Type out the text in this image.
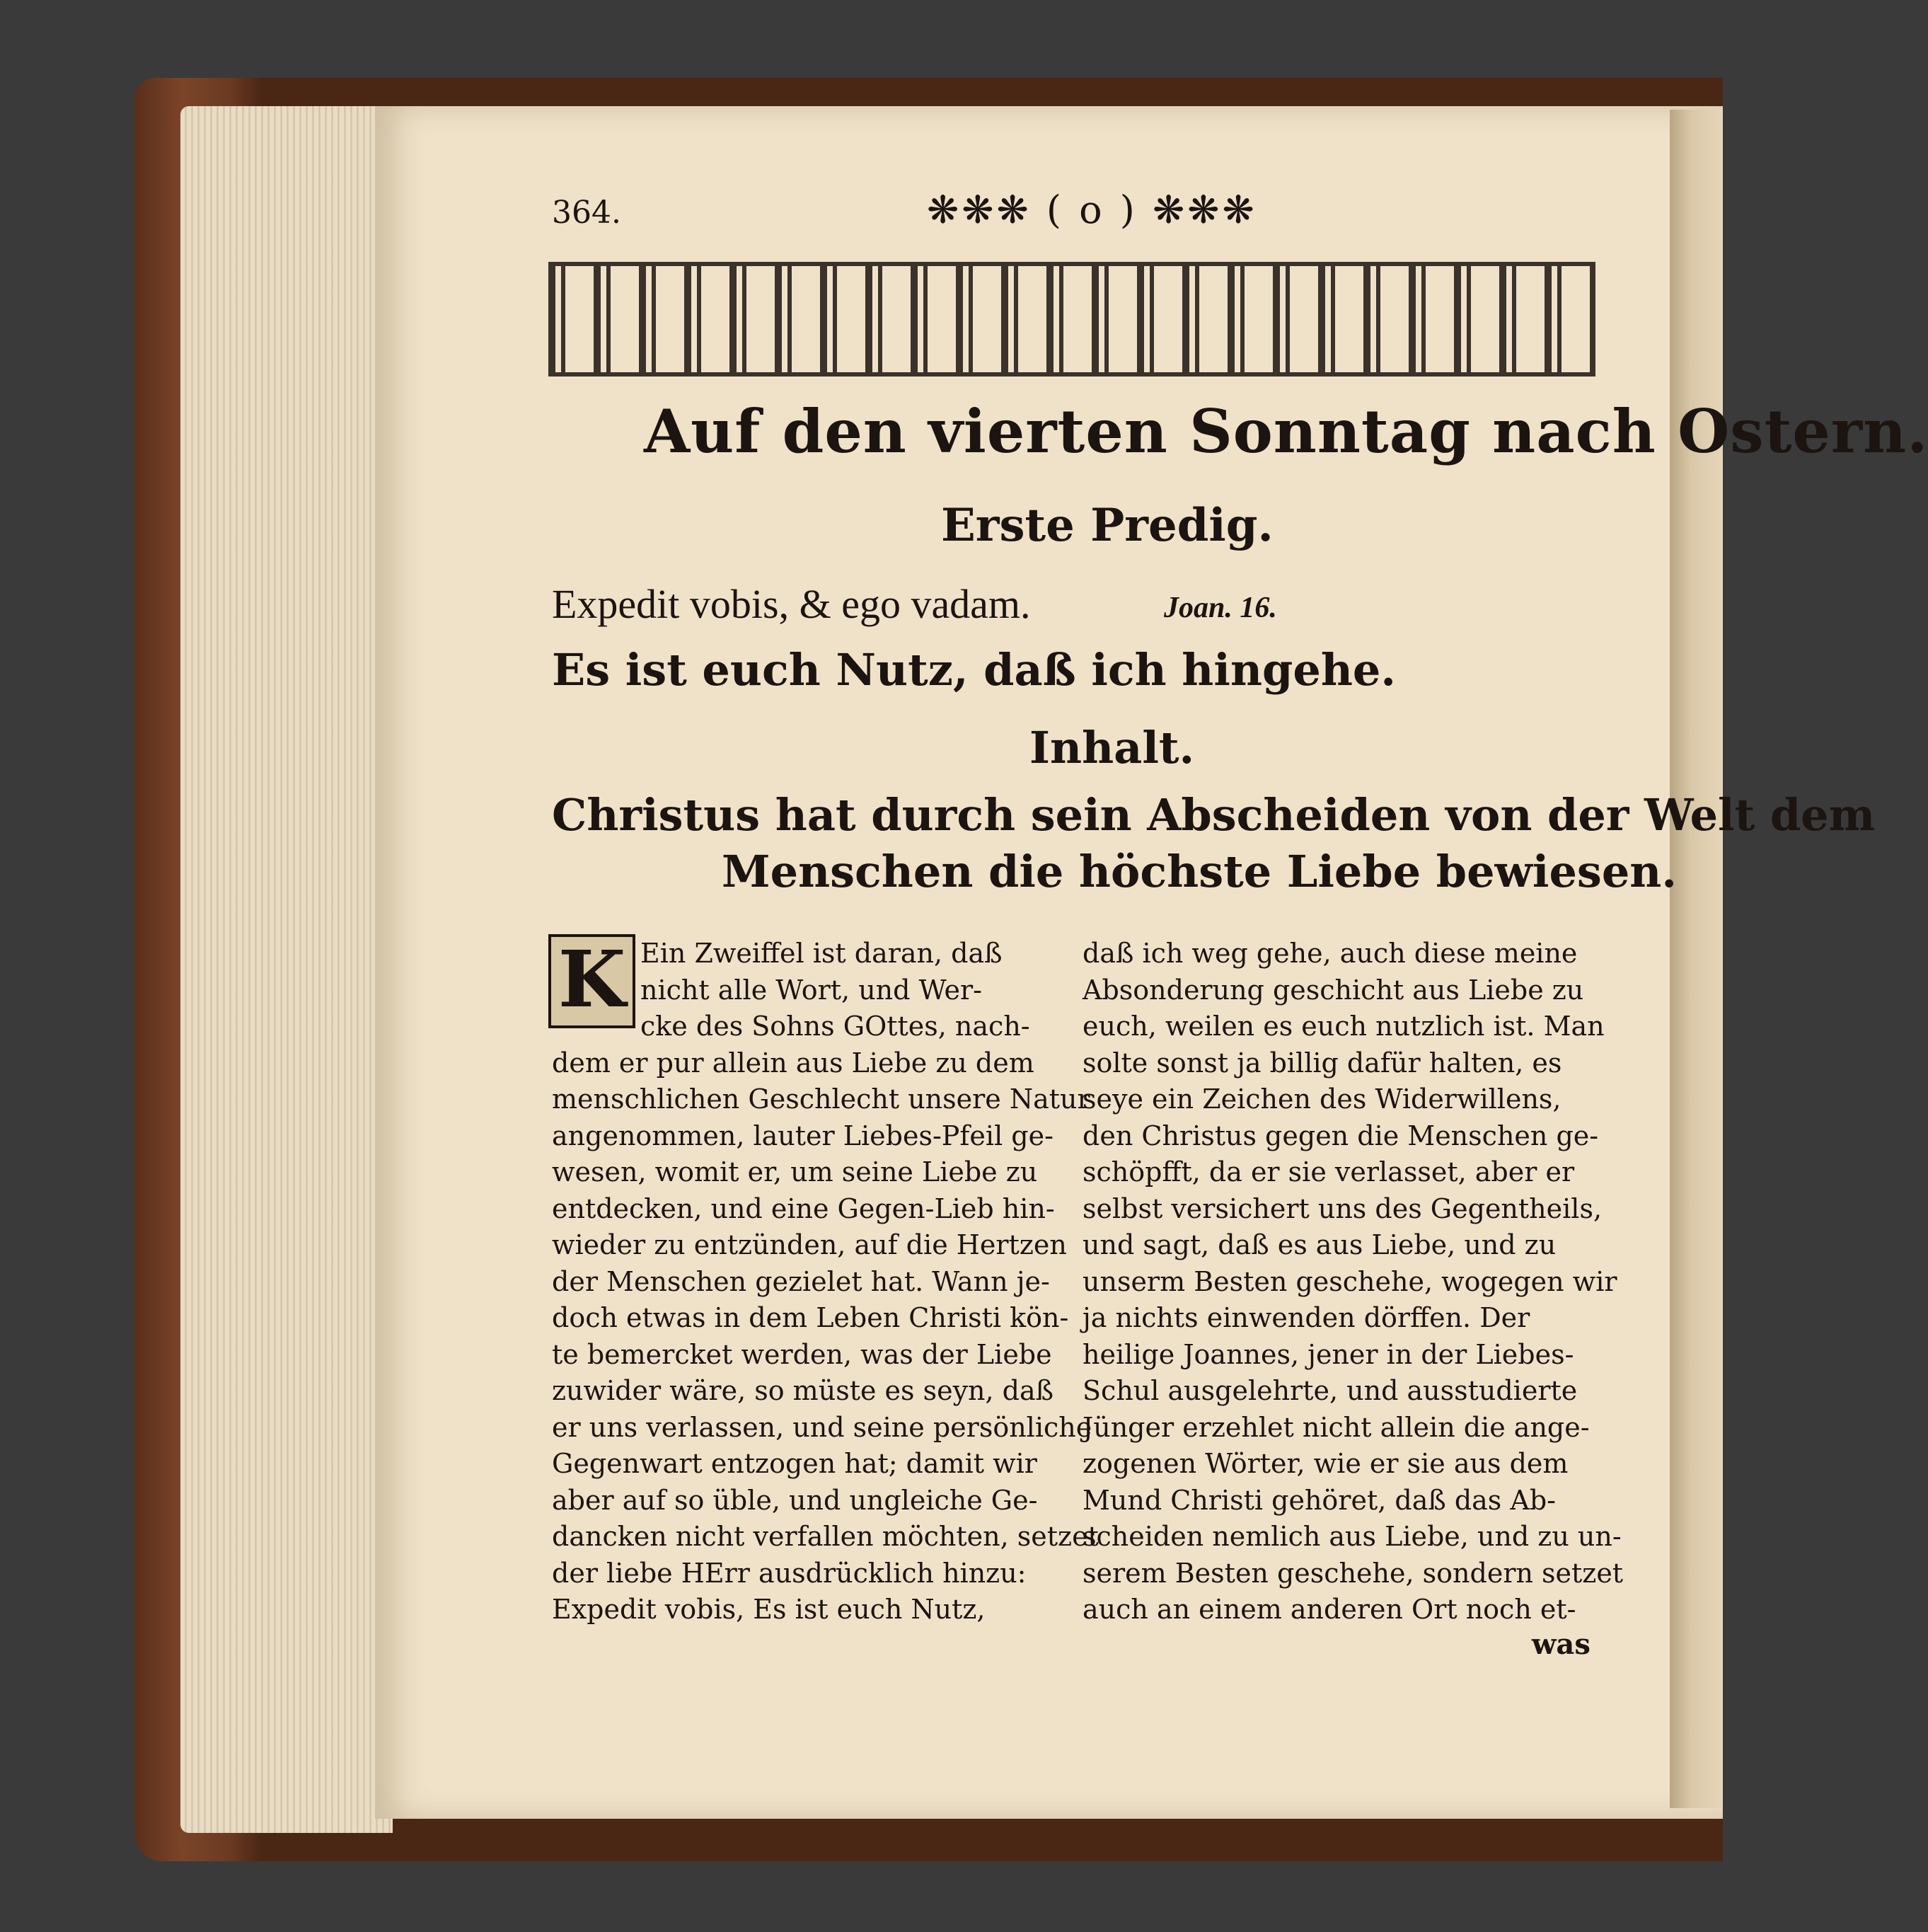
364.	❋❋❋ ( o ) ❋❋❋
Auf den vierten Sonntag nach Ostern.
Erste Predig.
Expedit vobis, & ego vadam.	Joan. 16.
Es ist euch Nutz, daß ich hingehe.
Inhalt.
Christus hat durch sein Abscheiden von der Welt dem
Menschen die höchste Liebe bewiesen.
K Ein Zweiffel ist daran, daß
nicht alle Wort, und Wer-
cke des Sohns GOttes, nach-
dem er pur allein aus Liebe zu dem
menschlichen Geschlecht unsere Natur
angenommen, lauter Liebes-Pfeil ge-
wesen, womit er, um seine Liebe zu
entdecken, und eine Gegen-Lieb hin-
wieder zu entzünden, auf die Hertzen
der Menschen gezielet hat. Wann je-
doch etwas in dem Leben Christi kön-
te bemercket werden, was der Liebe
zuwider wäre, so müste es seyn, daß
er uns verlassen, und seine persönliche
Gegenwart entzogen hat; damit wir
aber auf so üble, und ungleiche Ge-
dancken nicht verfallen möchten, setzet
der liebe HErr ausdrücklich hinzu:
Expedit vobis, Es ist euch Nutz,
daß ich weg gehe, auch diese meine
Absonderung geschicht aus Liebe zu
euch, weilen es euch nutzlich ist. Man
solte sonst ja billig dafür halten, es
seye ein Zeichen des Widerwillens,
den Christus gegen die Menschen ge-
schöpfft, da er sie verlasset, aber er
selbst versichert uns des Gegentheils,
und sagt, daß es aus Liebe, und zu
unserm Besten geschehe, wogegen wir
ja nichts einwenden dörffen. Der
heilige Joannes, jener in der Liebes-
Schul ausgelehrte, und ausstudierte
Jünger erzehlet nicht allein die ange-
zogenen Wörter, wie er sie aus dem
Mund Christi gehöret, daß das Ab-
scheiden nemlich aus Liebe, und zu un-
serem Besten geschehe, sondern setzet
auch an einem anderen Ort noch et-
was
